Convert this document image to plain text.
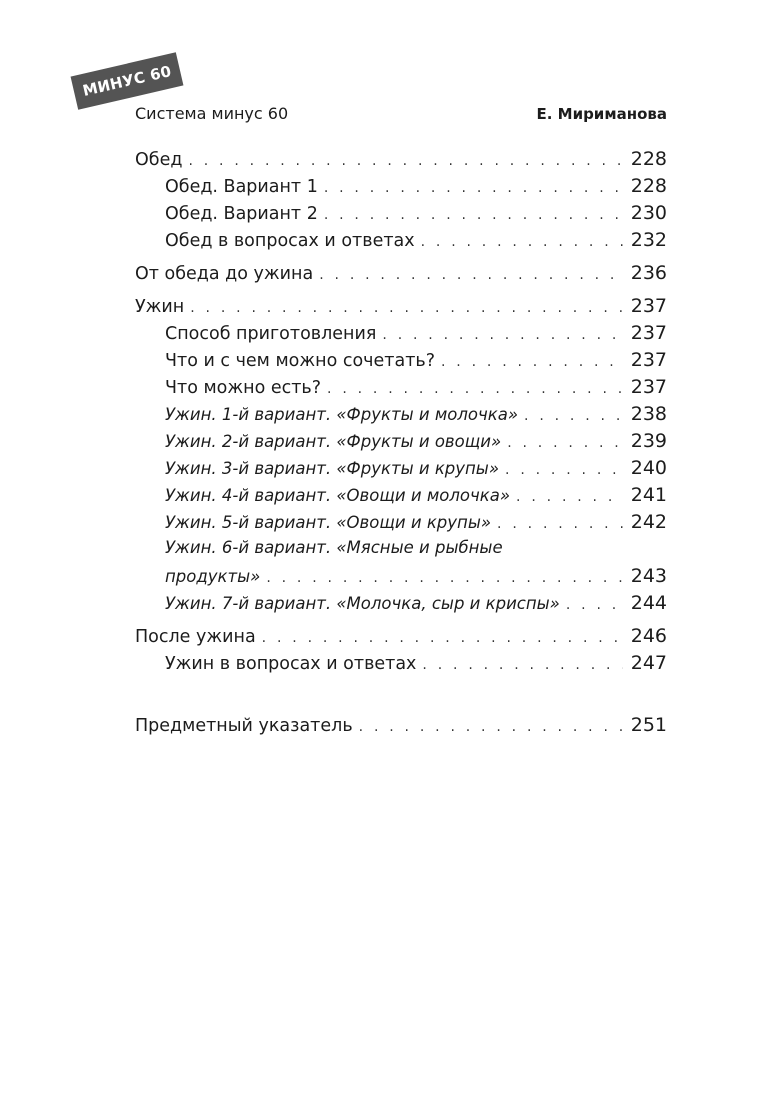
МИНУС 60
Система минус 60	Е. Мириманова
Обед . . .	228
Обед. Вариант 1 . . .	228
Обед. Вариант 2 . . .	230
Обед в вопросах и ответах . . .	232
От обеда до ужина . . .	236
Ужин . . .	237
Способ приготовления . . .	237
Что и с чем можно сочетать? . . .	237
Что можно есть? . . .	237
Ужин. 1-й вариант. «Фрукты и молочка» . . .	238
Ужин. 2-й вариант. «Фрукты и овощи» . . .	239
Ужин. 3-й вариант. «Фрукты и крупы» . . .	240
Ужин. 4-й вариант. «Овощи и молочка» . . .	241
Ужин. 5-й вариант. «Овощи и крупы» . . .	242
Ужин. 6-й вариант. «Мясные и рыбные
продукты» . . .	243
Ужин. 7-й вариант. «Молочка, сыр и криспы» . . .	244
После ужина . . .	246
Ужин в вопросах и ответах . . .	247
Предметный указатель . . .	251
